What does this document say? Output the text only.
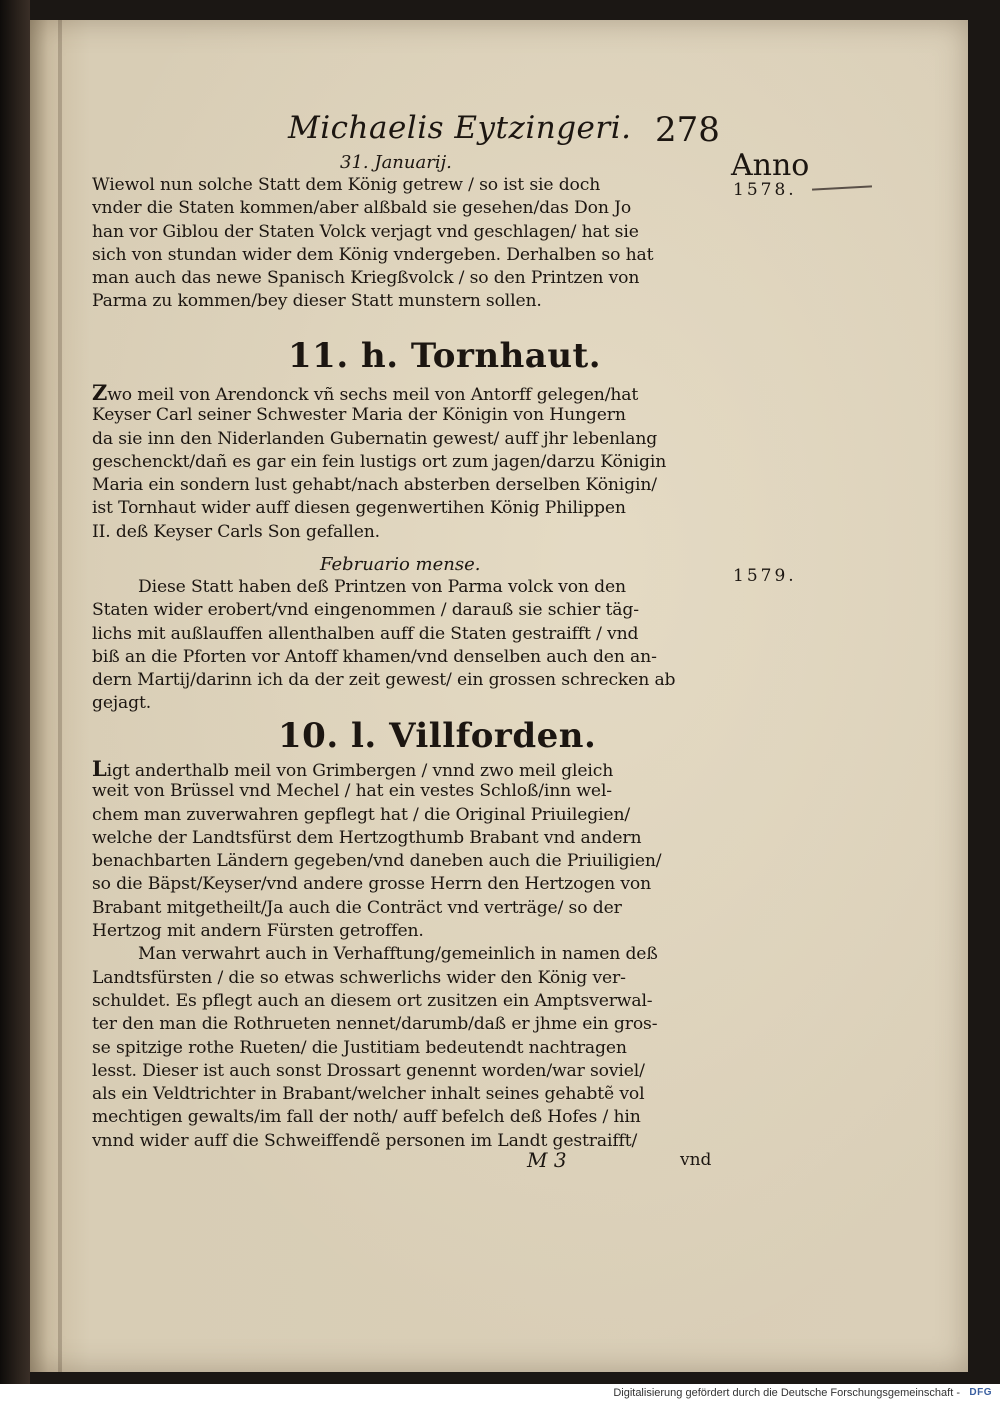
Michaelis Eytzingeri. 278
Anno
1578.
1579.
31. Januarij.
Wiewol nun solche Statt dem König getrew / so ist sie doch
vnder die Staten kommen/aber alßbald sie gesehen/das Don Jo
han vor Giblou der Staten Volck verjagt vnd geschlagen/ hat sie
sich von stundan wider dem König vndergeben. Derhalben so hat
man auch das newe Spanisch Kriegßvolck / so den Printzen von
Parma zu kommen/bey dieser Statt munstern sollen.
11. h. Tornhaut.
Zwo meil von Arendonck vñ sechs meil von Antorff gelegen/hat
Keyser Carl seiner Schwester Maria der Königin von Hungern
da sie inn den Niderlanden Gubernatin gewest/ auff jhr lebenlang
geschenckt/dañ es gar ein fein lustigs ort zum jagen/darzu Königin
Maria ein sondern lust gehabt/nach absterben derselben Königin/
ist Tornhaut wider auff diesen gegenwertihen König Philippen
II. deß Keyser Carls Son gefallen.
Februario mense.
Diese Statt haben deß Printzen von Parma volck von den
Staten wider erobert/vnd eingenommen / darauß sie schier täg-
lichs mit außlauffen allenthalben auff die Staten gestraifft / vnd
biß an die Pforten vor Antoff khamen/vnd denselben auch den an-
dern Martij/darinn ich da der zeit gewest/ ein grossen schrecken ab
gejagt.
10. l. Villforden.
Ligt anderthalb meil von Grimbergen / vnnd zwo meil gleich
weit von Brüssel vnd Mechel / hat ein vestes Schloß/inn wel-
chem man zuverwahren gepflegt hat / die Original Priuilegien/
welche der Landtsfürst dem Hertzogthumb Brabant vnd andern
benachbarten Ländern gegeben/vnd daneben auch die Priuiligien/
so die Bäpst/Keyser/vnd andere grosse Herrn den Hertzogen von
Brabant mitgetheilt/Ja auch die Conträct vnd verträge/ so der
Hertzog mit andern Fürsten getroffen.
Man verwahrt auch in Verhafftung/gemeinlich in namen deß
Landtsfürsten / die so etwas schwerlichs wider den König ver-
schuldet. Es pflegt auch an diesem ort zusitzen ein Amptsverwal-
ter den man die Rothrueten nennet/darumb/daß er jhme ein gros-
se spitzige rothe Rueten/ die Justitiam bedeutendt nachtragen
lesst. Dieser ist auch sonst Drossart genennt worden/war soviel/
als ein Veldtrichter in Brabant/welcher inhalt seines gehabtẽ vol
mechtigen gewalts/im fall der noth/ auff befelch deß Hofes / hin
vnnd wider auff die Schweiffendẽ personen im Landt gestraifft/
M 3	vnd
Digitalisierung gefördert durch die Deutsche Forschungsgemeinschaft - DFG
